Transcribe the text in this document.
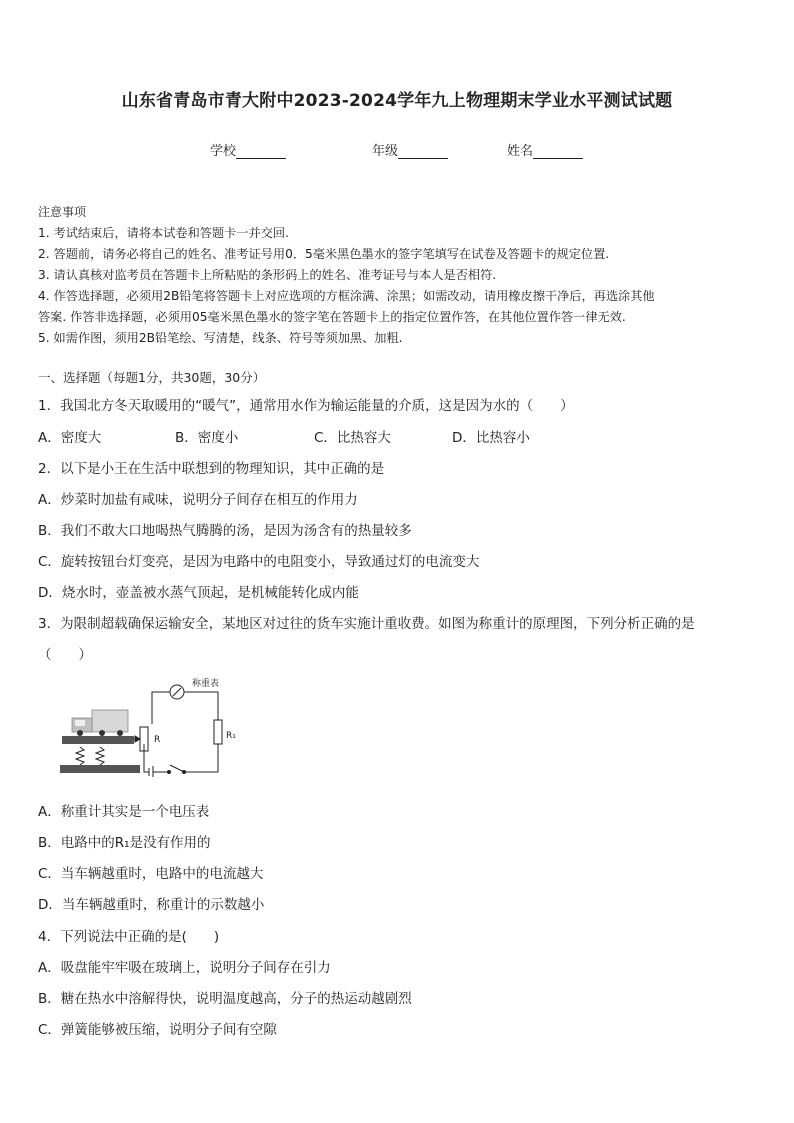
山东省青岛市青大附中2023-2024学年九上物理期末学业水平测试试题
学校	年级	姓名
注意事项
1. 考试结束后，请将本试卷和答题卡一并交回.
2. 答题前，请务必将自己的姓名、准考证号用0．5毫米黑色墨水的签字笔填写在试卷及答题卡的规定位置.
3. 请认真核对监考员在答题卡上所粘贴的条形码上的姓名、准考证号与本人是否相符.
4. 作答选择题，必须用2B铅笔将答题卡上对应选项的方框涂满、涂黑；如需改动，请用橡皮擦干净后，再选涂其他
答案. 作答非选择题，必须用05毫米黑色墨水的签字笔在答题卡上的指定位置作答，在其他位置作答一律无效.
5. 如需作图，须用2B铅笔绘、写清楚，线条、符号等须加黑、加粗.
一、选择题（每题1分，共30题，30分）
1．我国北方冬天取暖用的“暖气”，通常用水作为输运能量的介质，这是因为水的（　　）
A．密度大	B．密度小	C．比热容大	D．比热容小
2．以下是小王在生活中联想到的物理知识，其中正确的是
A．炒菜时加盐有咸味，说明分子间存在相互的作用力
B．我们不敢大口地喝热气腾腾的汤，是因为汤含有的热量较多
C．旋转按钮台灯变亮，是因为电路中的电阻变小，导致通过灯的电流变大
D．烧水时，壶盖被水蒸气顶起，是机械能转化成内能
3．为限制超载确保运输安全，某地区对过往的货车实施计重收费。如图为称重计的原理图，下列分析正确的是
（　　）
称重表
R	R₁
A．称重计其实是一个电压表
B．电路中的R₁是没有作用的
C．当车辆越重时，电路中的电流越大
D．当车辆越重时，称重计的示数越小
4．下列说法中正确的是(　　)
A．吸盘能牢牢吸在玻璃上，说明分子间存在引力
B．糖在热水中溶解得快，说明温度越高，分子的热运动越剧烈
C．弹簧能够被压缩，说明分子间有空隙
